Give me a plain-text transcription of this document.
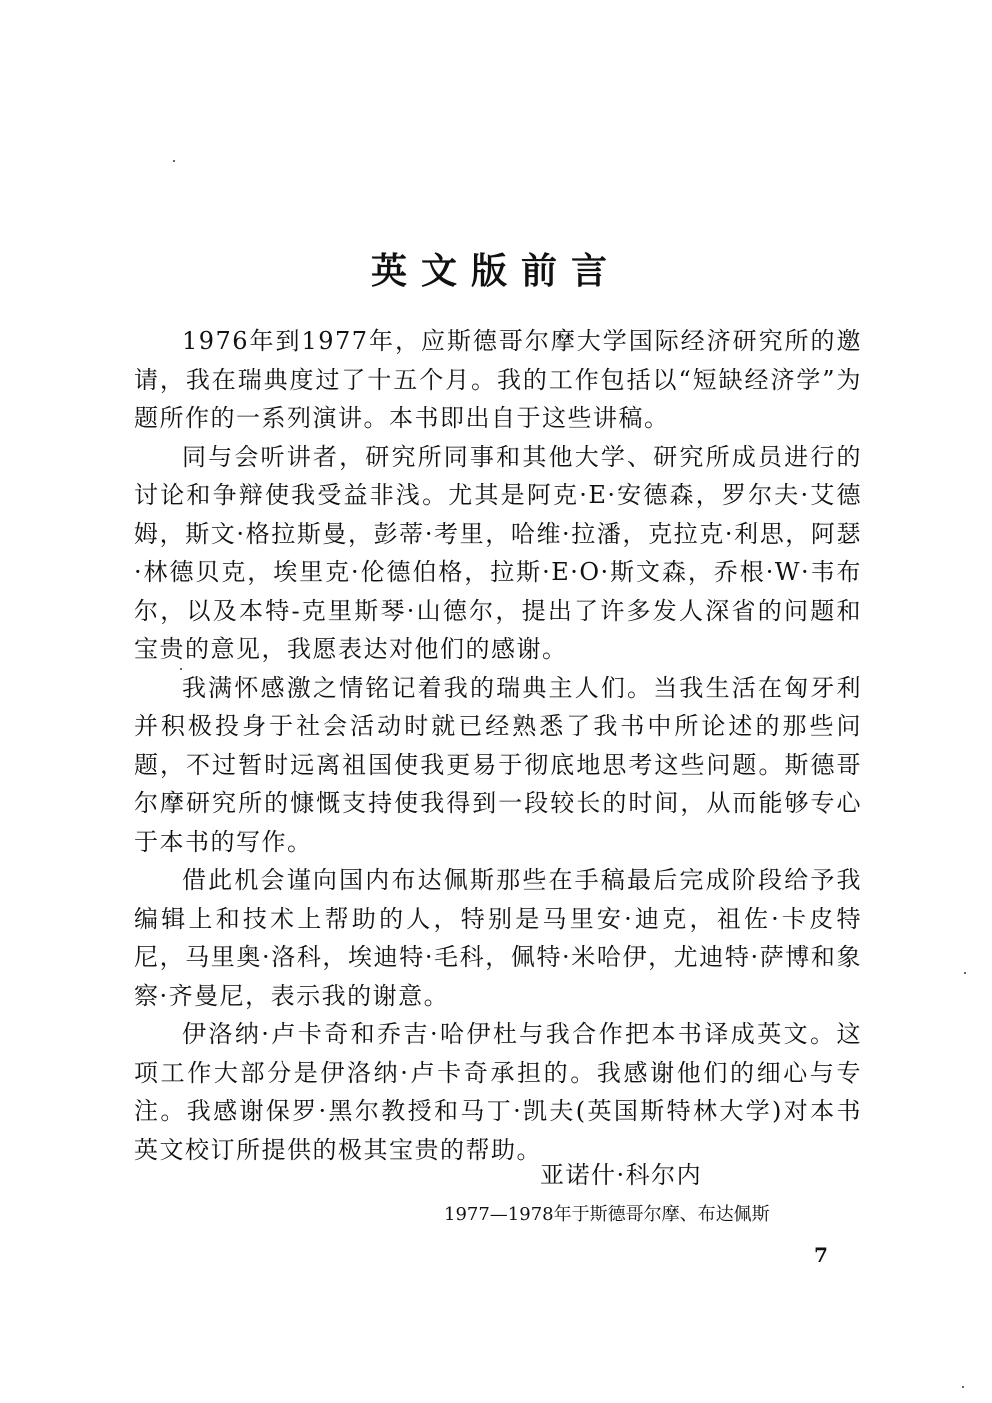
英文版前言

1976年到1977年，应斯德哥尔摩大学国际经济研究所的邀请，我在瑞典度过了十五个月。我的工作包括以“短缺经济学”为题所作的一系列演讲。本书即出自于这些讲稿。

同与会听讲者，研究所同事和其他大学、研究所成员进行的讨论和争辩使我受益非浅。尤其是阿克·E·安德森，罗尔夫·艾德姆，斯文·格拉斯曼，彭蒂·考里，哈维·拉潘，克拉克·利思，阿瑟·林德贝克，埃里克·伦德伯格，拉斯·E·O·斯文森，乔根·W·韦布尔，以及本特-克里斯琴·山德尔，提出了许多发人深省的问题和宝贵的意见，我愿表达对他们的感谢。

我满怀感激之情铭记着我的瑞典主人们。当我生活在匈牙利并积极投身于社会活动时就已经熟悉了我书中所论述的那些问题，不过暂时远离祖国使我更易于彻底地思考这些问题。斯德哥尔摩研究所的慷慨支持使我得到一段较长的时间，从而能够专心于本书的写作。

借此机会谨向国内布达佩斯那些在手稿最后完成阶段给予我编辑上和技术上帮助的人，特别是马里安·迪克，祖佐·卡皮特尼，马里奥·洛科，埃迪特·毛科，佩特·米哈伊，尤迪特·萨博和象察·齐曼尼，表示我的谢意。

伊洛纳·卢卡奇和乔吉·哈伊杜与我合作把本书译成英文。这项工作大部分是伊洛纳·卢卡奇承担的。我感谢他们的细心与专注。我感谢保罗·黑尔教授和马丁·凯夫(英国斯特林大学)对本书英文校订所提供的极其宝贵的帮助。

亚诺什·科尔内
1977—1978年于斯德哥尔摩、布达佩斯
7
